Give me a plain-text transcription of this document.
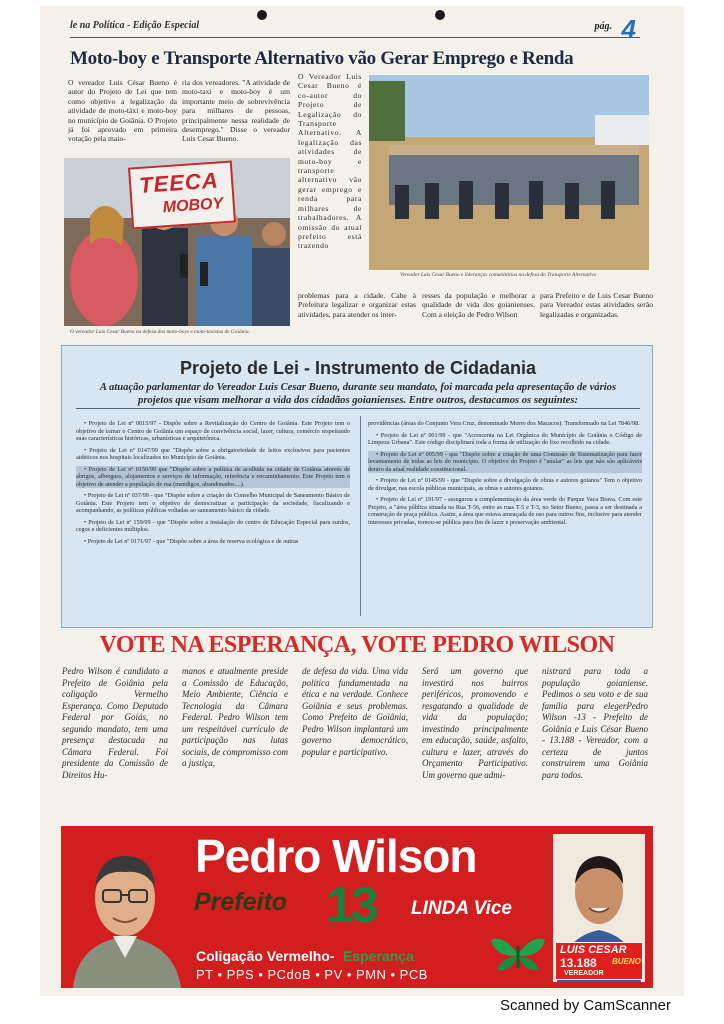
le na Política - Edição Especial	pág. 4
Moto-boy e Transporte Alternativo vão Gerar Emprego e Renda
O vereador Luis César Bueno é autor do Projeto de Lei que tem como objetivo a legalização da atividade de moto-táxi e moto-boy no município de Goiânia. O Projeto já foi aprovado em primeira votação pela maio-
ria dos vereadores. "A atividade de moto-taxi e moto-boy é um importante meio de sobrevivência para milhares de pessoas, principalmente nessa realidade de desemprego." Disse o vereador Luis Cesar Bueno.
O Vereador Luis Cesar Bueno é co-autor do Projeto de Legalização do Transporte Alternativo. A legalização das atividades de moto-boy e transporte alternativo vão gerar emprego e renda para milhares de trabalhadores. A omissão do atual prefeito está trazendo
TEECA
MOBOY
O vereador Luis Cesar Bueno na defesa dos moto-boys e moto-taxistas de Goiânia.
Vereador Luis Cesar Bueno e lideranças comunitárias na defesa do Transporte Alternativo
problemas para a cidade. Cabe à Prefeitura legalizar e organizar estas atividades, para atender os inter-
resses da população e melhorar a qualidade de vida dos goianienses. Com a eleição de Pedro Wilson
para Prefeito e de Luis Cesar Bueno para Vereador estas atividades serão legalizadas e organizadas.
Projeto de Lei - Instrumento de Cidadania
A atuação parlamentar do Vereador Luis Cesar Bueno, durante seu mandato, foi marcada pela apresentação de vários projetos que visam melhorar a vida dos cidadãos goianienses. Entre outros, destacamos os seguintes:
• Projeto de Lei nº 0015/97 - Dispõe sobre a Revitalização do Centro de Goiânia. Este Projeto tem o objetivo de tornar o Centro de Goiânia um espaço de convivência social, lazer, cultura, comércio respeitando suas características históricas, urbanísticas e arquitetônica.
• Projeto de Lei nº 0147/99 que "Dispõe sobre a obrigatoriedade de leitos exclusivos para pacientes aidéticos nos hospitais localizados no Município de Goiânia.
• Projeto de Lei nº 0150/99 que "Dispõe sobre a política de acolhida na cidade de Goiânia através de abrigos, albergues, alojamentos e serviços de informação, referência e encaminhamento. Este Projeto tem o objetivo de atender a população de rua (mendigos, abandonados....).
• Projeto de Lei nº 037/99 - que "Dispõe sobre a criação do Conselho Municipal de Saneamento Básico de Goiânia. Este Projeto tem o objetivo de democratizar a participação da sociedade, fiscalizando e acompanhando, as políticas públicas voltadas ao saneamento básico da cidade.
• Projeto de Lei nº 159/99 - que "Dispõe sobre a instalação do centro de Educação Especial para surdos, cegos e deficientes múltiplos.
• Projeto de Lei nº 0171/97 - que "Dispõe sobre a área de reserva ecológica e de outras
providências (áreas do Conjunto Vera Cruz, denominado Morro dos Macacos). Transformado na Lei 7846/98.
• Projeto de Lei nº 001/99 - que "Acrescenta na Lei Orgânica do Município de Goiânia o Código de Limpeza Urbana". Este código disciplinará toda a forma de utilização do lixo recolhido na cidade.
• Projeto de Lei nº 005/99 - que "Dispõe sobre a criação de uma Comissão de Sistematização para fazer levantamento de todas as leis do município. O objetivo do Projeto é "anular" as leis que não são aplicáveis dentro da atual realidade constitucional.
• Projeto de Lei nº 0145/99 - que "Dispõe sobre a divulgação de obras e autores goianos" Tem o objetivo de divulgar, nas escola públicas municipais, as obras e autores goianos.
• Projeto de Lei nº 191/97 - assegurou a complementação da área verde do Parque Vaca Brava. Com este Projeto, a "área pública situada na Rua T-56, entre as ruas T-5 e T-3, no Setor Bueno, passa a ser destinada a construção de praça pública. Assim, a área que estava ameaçada de uso para outros fins, inclusive para atender interesses privadas, tornou-se pública para fim de lazer e preservação ambiental.
VOTE NA ESPERANÇA, VOTE PEDRO WILSON
Pedro Wilson é candidato a Prefeito de Goiânia pela coligação Vermelho Esperança. Como Deputado Federal por Goiás, no segundo mandato, tem uma presença destacada na Câmara Federal. Foi presidente da Comissão de Direitos Hu-
manos e atualmente preside a Comissão de Educação, Meio Ambiente, Ciência e Tecnologia da Câmara Federal. Pedro Wilson tem um respeitável currículo de participação nas lutas sociais, de compromisso com a justiça,
de defesa da vida. Uma vida política fundamentada na ética e na verdade. Conhece Goiânia e seus problemas. Como Prefeito de Goiânia, Pedro Wilson implantará um governo democrático, popular e participativo.
Será um governo que investirá nos bairros periféricos, promovendo e resgatando a qualidade de vida da população; investindo principalmente em educação, saúde, asfalto, cultura e lazer, através do Orçamento Participativo. Um governo que admi-
nistrará para toda a população goianiense. Pedimos o seu voto e de sua família para elegerPedro Wilson -13 - Prefeito de Goiânia e Luis César Bueno - 13.188 - Vereador, com a certeza de juntos construirem uma Goiânia para todos.
Pedro Wilson
Prefeito 13 LINDA Vice
Coligação Vermelho- Esperança
PT • PPS • PCdoB • PV • PMN • PCB
LUIS CESAR
13.188 BUENO
VEREADOR
Scanned by CamScanner
